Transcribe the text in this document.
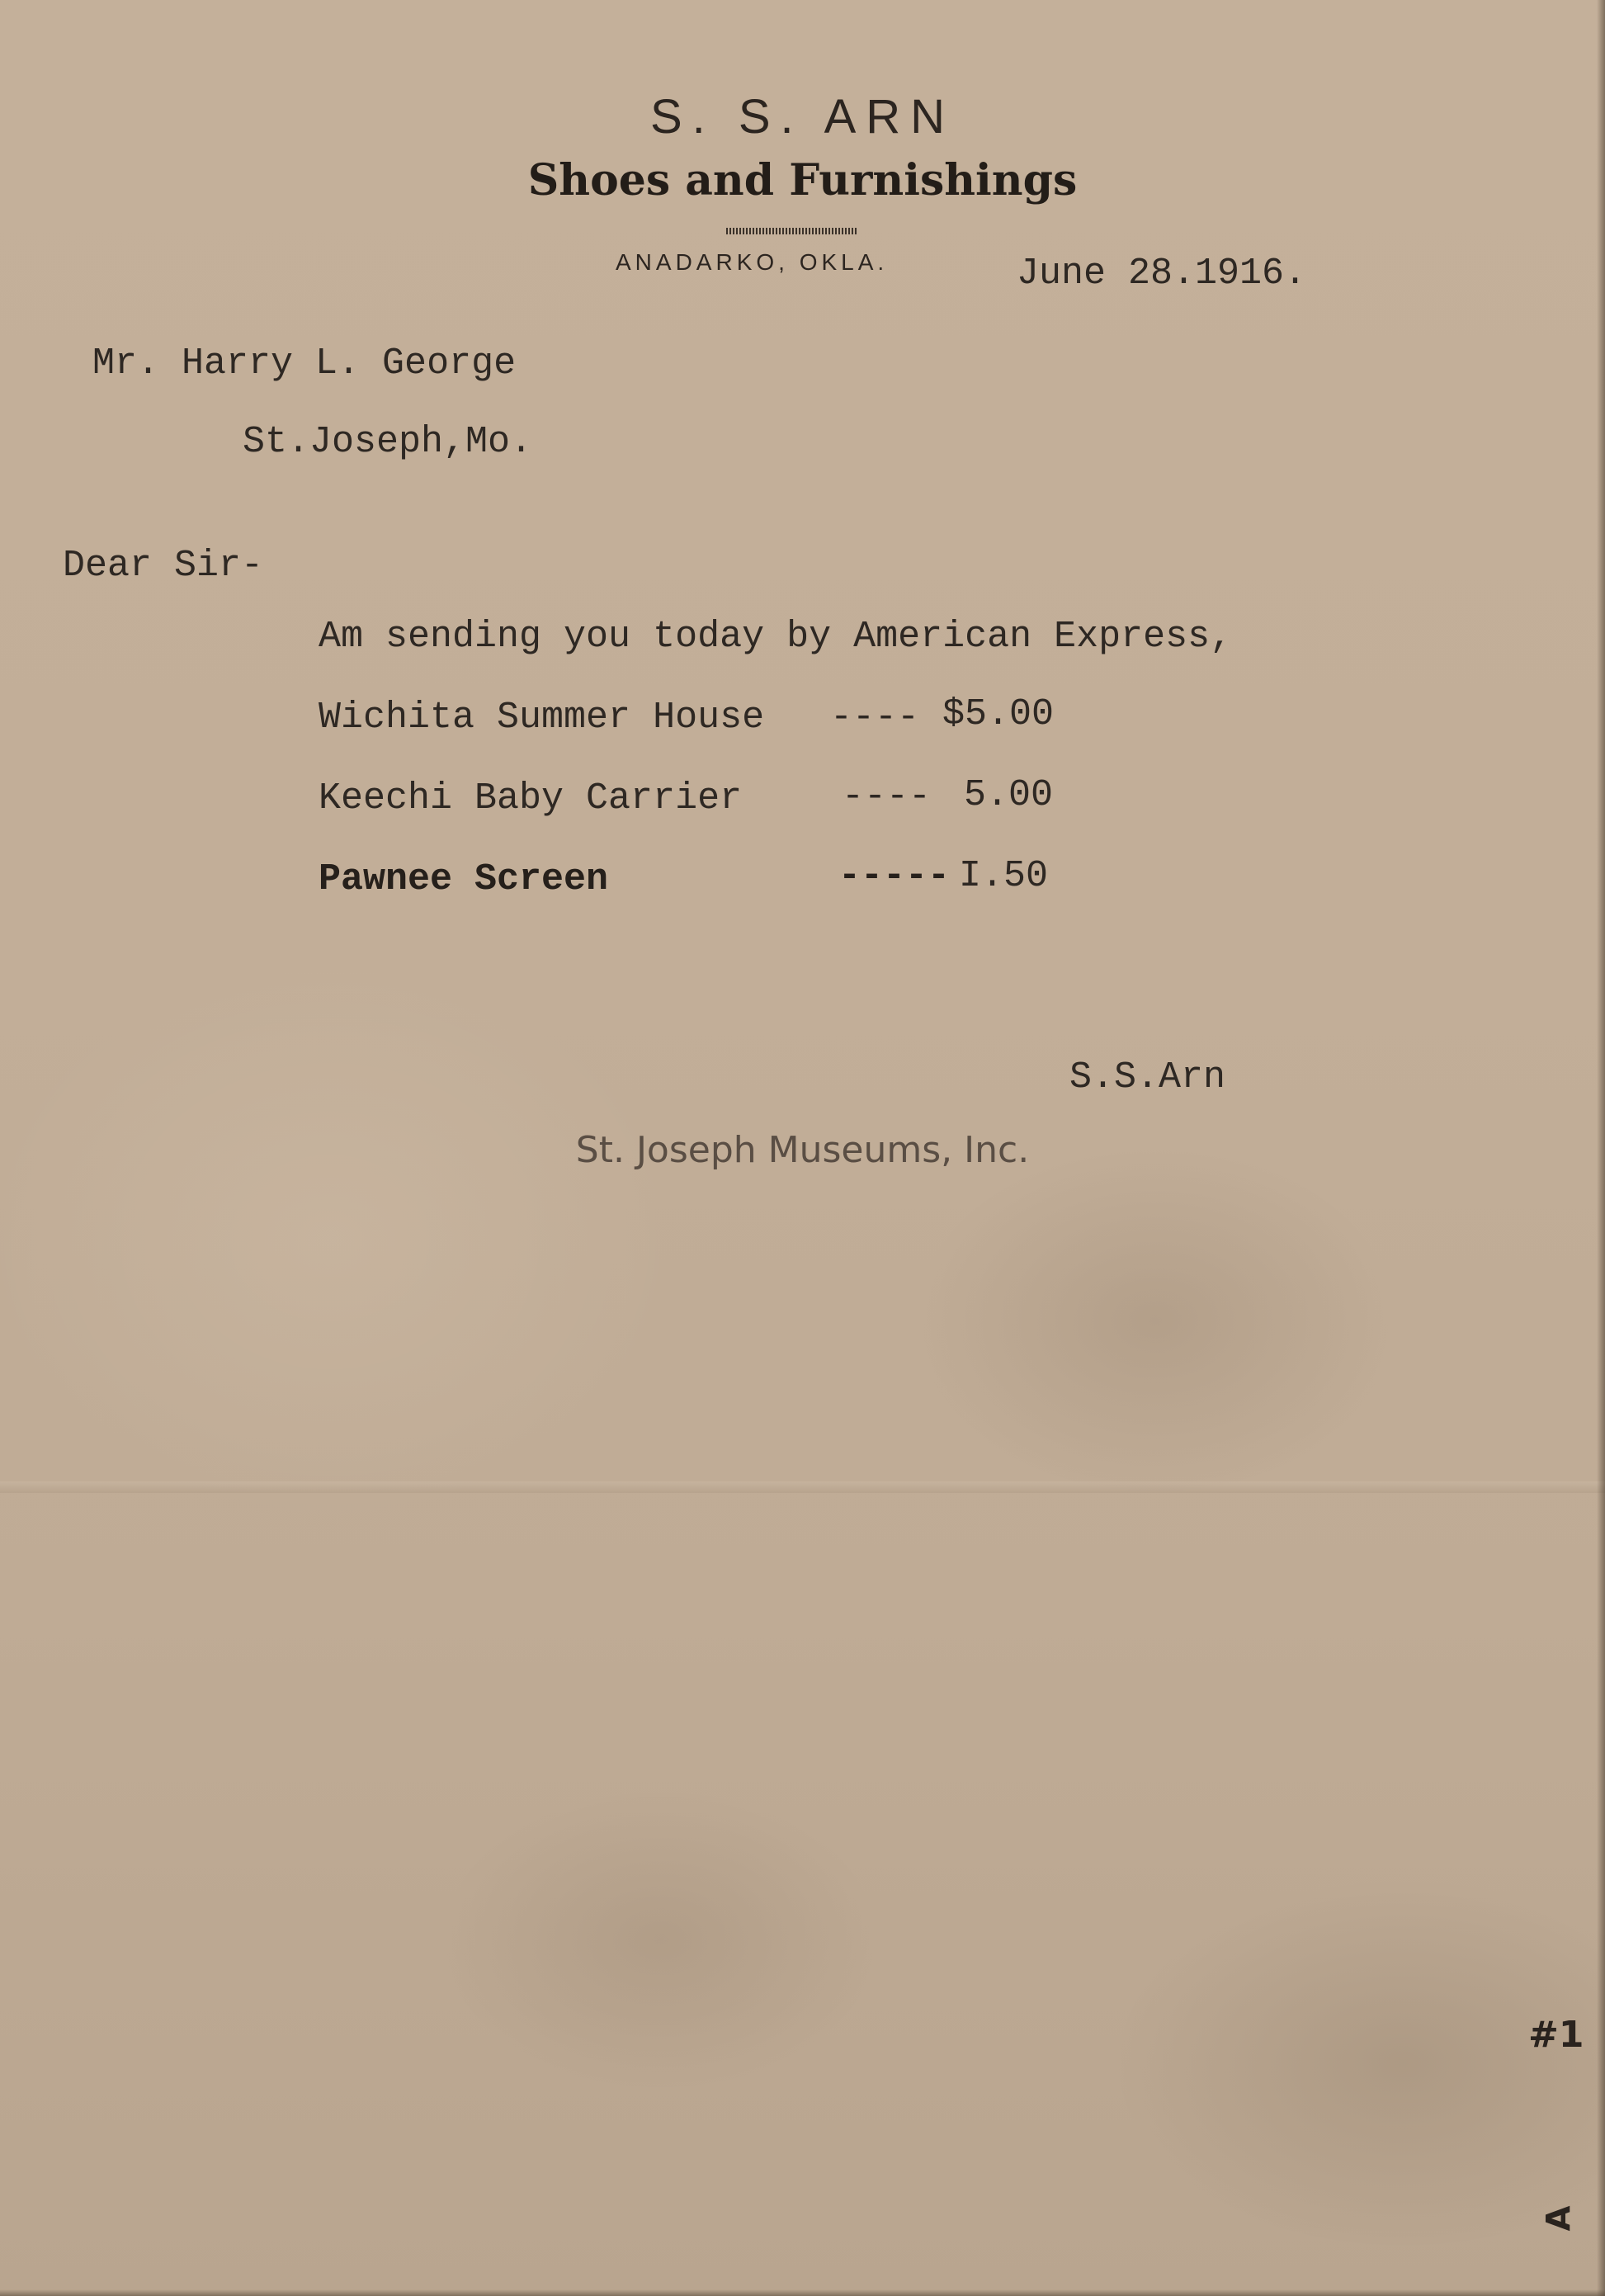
S. S. ARN
Shoes and Furnishings
ANADARKO, OKLA.	June 28.1916.
Mr. Harry L. George
St.Joseph,Mo.
Dear Sir-
Am sending you today by American Express,
Wichita Summer House ---- $5.00
Keechi Baby Carrier	---- 5.00
Pawnee Screen	----- I.50
S.S.Arn
St. Joseph Museums, Inc.
#1
A
